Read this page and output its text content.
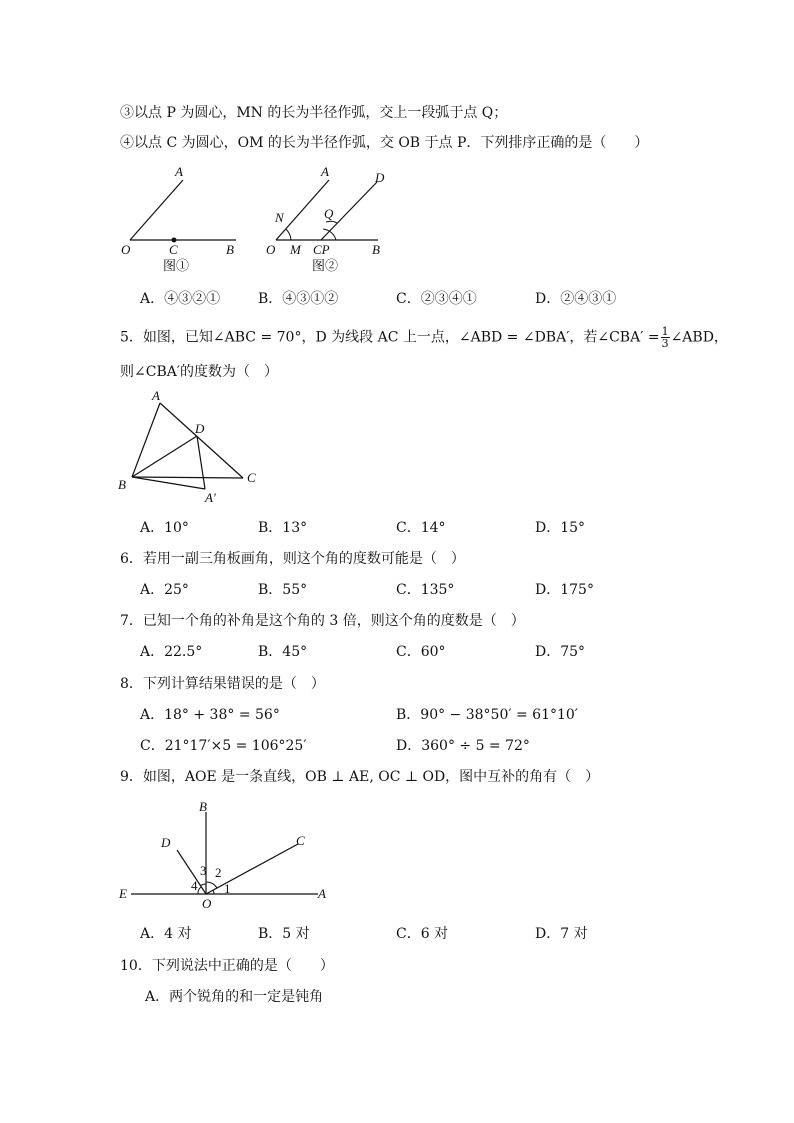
③以点 P 为圆心，MN 的长为半径作弧，交上一段弧于点 Q；
④以点 C 为圆心，OM 的长为半径作弧，交 OB 于点 P．下列排序正确的是（　　）
A
O	C	B
图①
A	D
N	Q
O M CP	B
图②
A．④③②①	B．④③①②	C．②③④①	D．②④③①
5．如图，已知∠ABC = 70°，D 为线段 AC 上一点，∠ABD = ∠DBA′，若∠CBA′ = $\frac{1}{3}$ ∠ABD，
则∠CBA′的度数为（　）
A
D
B	C
A′
A．10°	B．13°	C．14°	D．15°
6．若用一副三角板画角，则这个角的度数可能是（　）
A．25°	B．55°	C．135°	D．175°
7．已知一个角的补角是这个角的 3 倍，则这个角的度数是（　）
A．22.5°	B．45°	C．60°	D．75°
8．下列计算结果错误的是（　）
A．18° + 38° = 56°	B．90° − 38°50′ = 61°10′
C．21°17′×5 = 106°25′	D．360° ÷ 5 = 72°
9．如图，AOE 是一条直线，OB ⊥ AE, OC ⊥ OD，图中互补的角有（　）
B
D	C
E
O
A
1
2
3
4
A．4 对	B．5 对	C．6 对	D．7 对
10．下列说法中正确的是（　　）
A．两个锐角的和一定是钝角
